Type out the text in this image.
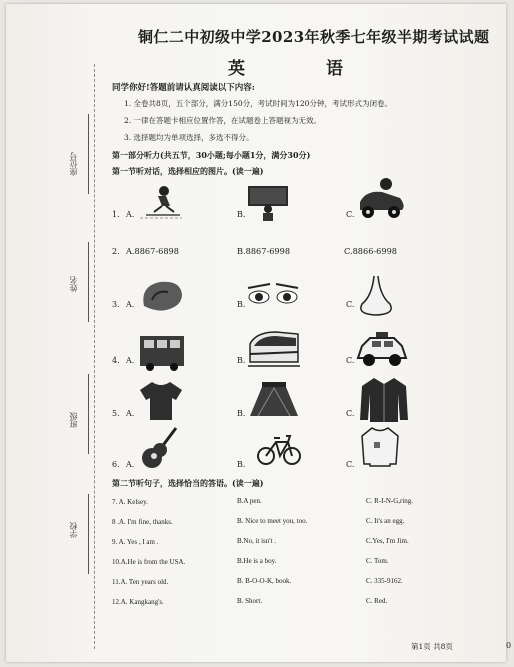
座位号
姓名
班级
学校
铜仁二中初级中学2023年秋季七年级半期考试试题
英	语
同学你好!答题前请认真阅读以下内容:
1. 全卷共8页，五个部分，满分150分，考试时间为120分钟，考试形式为闭卷。
2. 一律在答题卡相应位置作答，在试题卷上答题视为无效。
3. 选择题均为单项选择，多选不得分。
第一部分听力(共五节，30小题;每小题1分，满分30分)
第一节听对话，选择相应的图片。(读一遍)
1. A.	B.	C.
2. A.8867-6898	B.8867-6998	C.8866-6998
3. A.	B.	C.
4. A.	B.	C.
5. A.	B.	C.
6. A.	B.	C.
第二节听句子，选择恰当的答语。(读一遍)
7. A. Kelsey.	B.A pen.	C. R-I-N-G,ring.
8 .A. I'm fine, thanks.	B. Nice to meet you, too.	C. It's an egg.
9. A. Yes , I am .	B.No, it isn't .	C.Yes, I'm Jim.
10.A.He is from the USA.	B.He is a boy.	C. Tom.
11.A. Ten years old.	B. B-O-O-K, book.	C. 335-9162.
12.A. Kangkang's.	B. Short.	C. Red.
第1页 共8页	0
